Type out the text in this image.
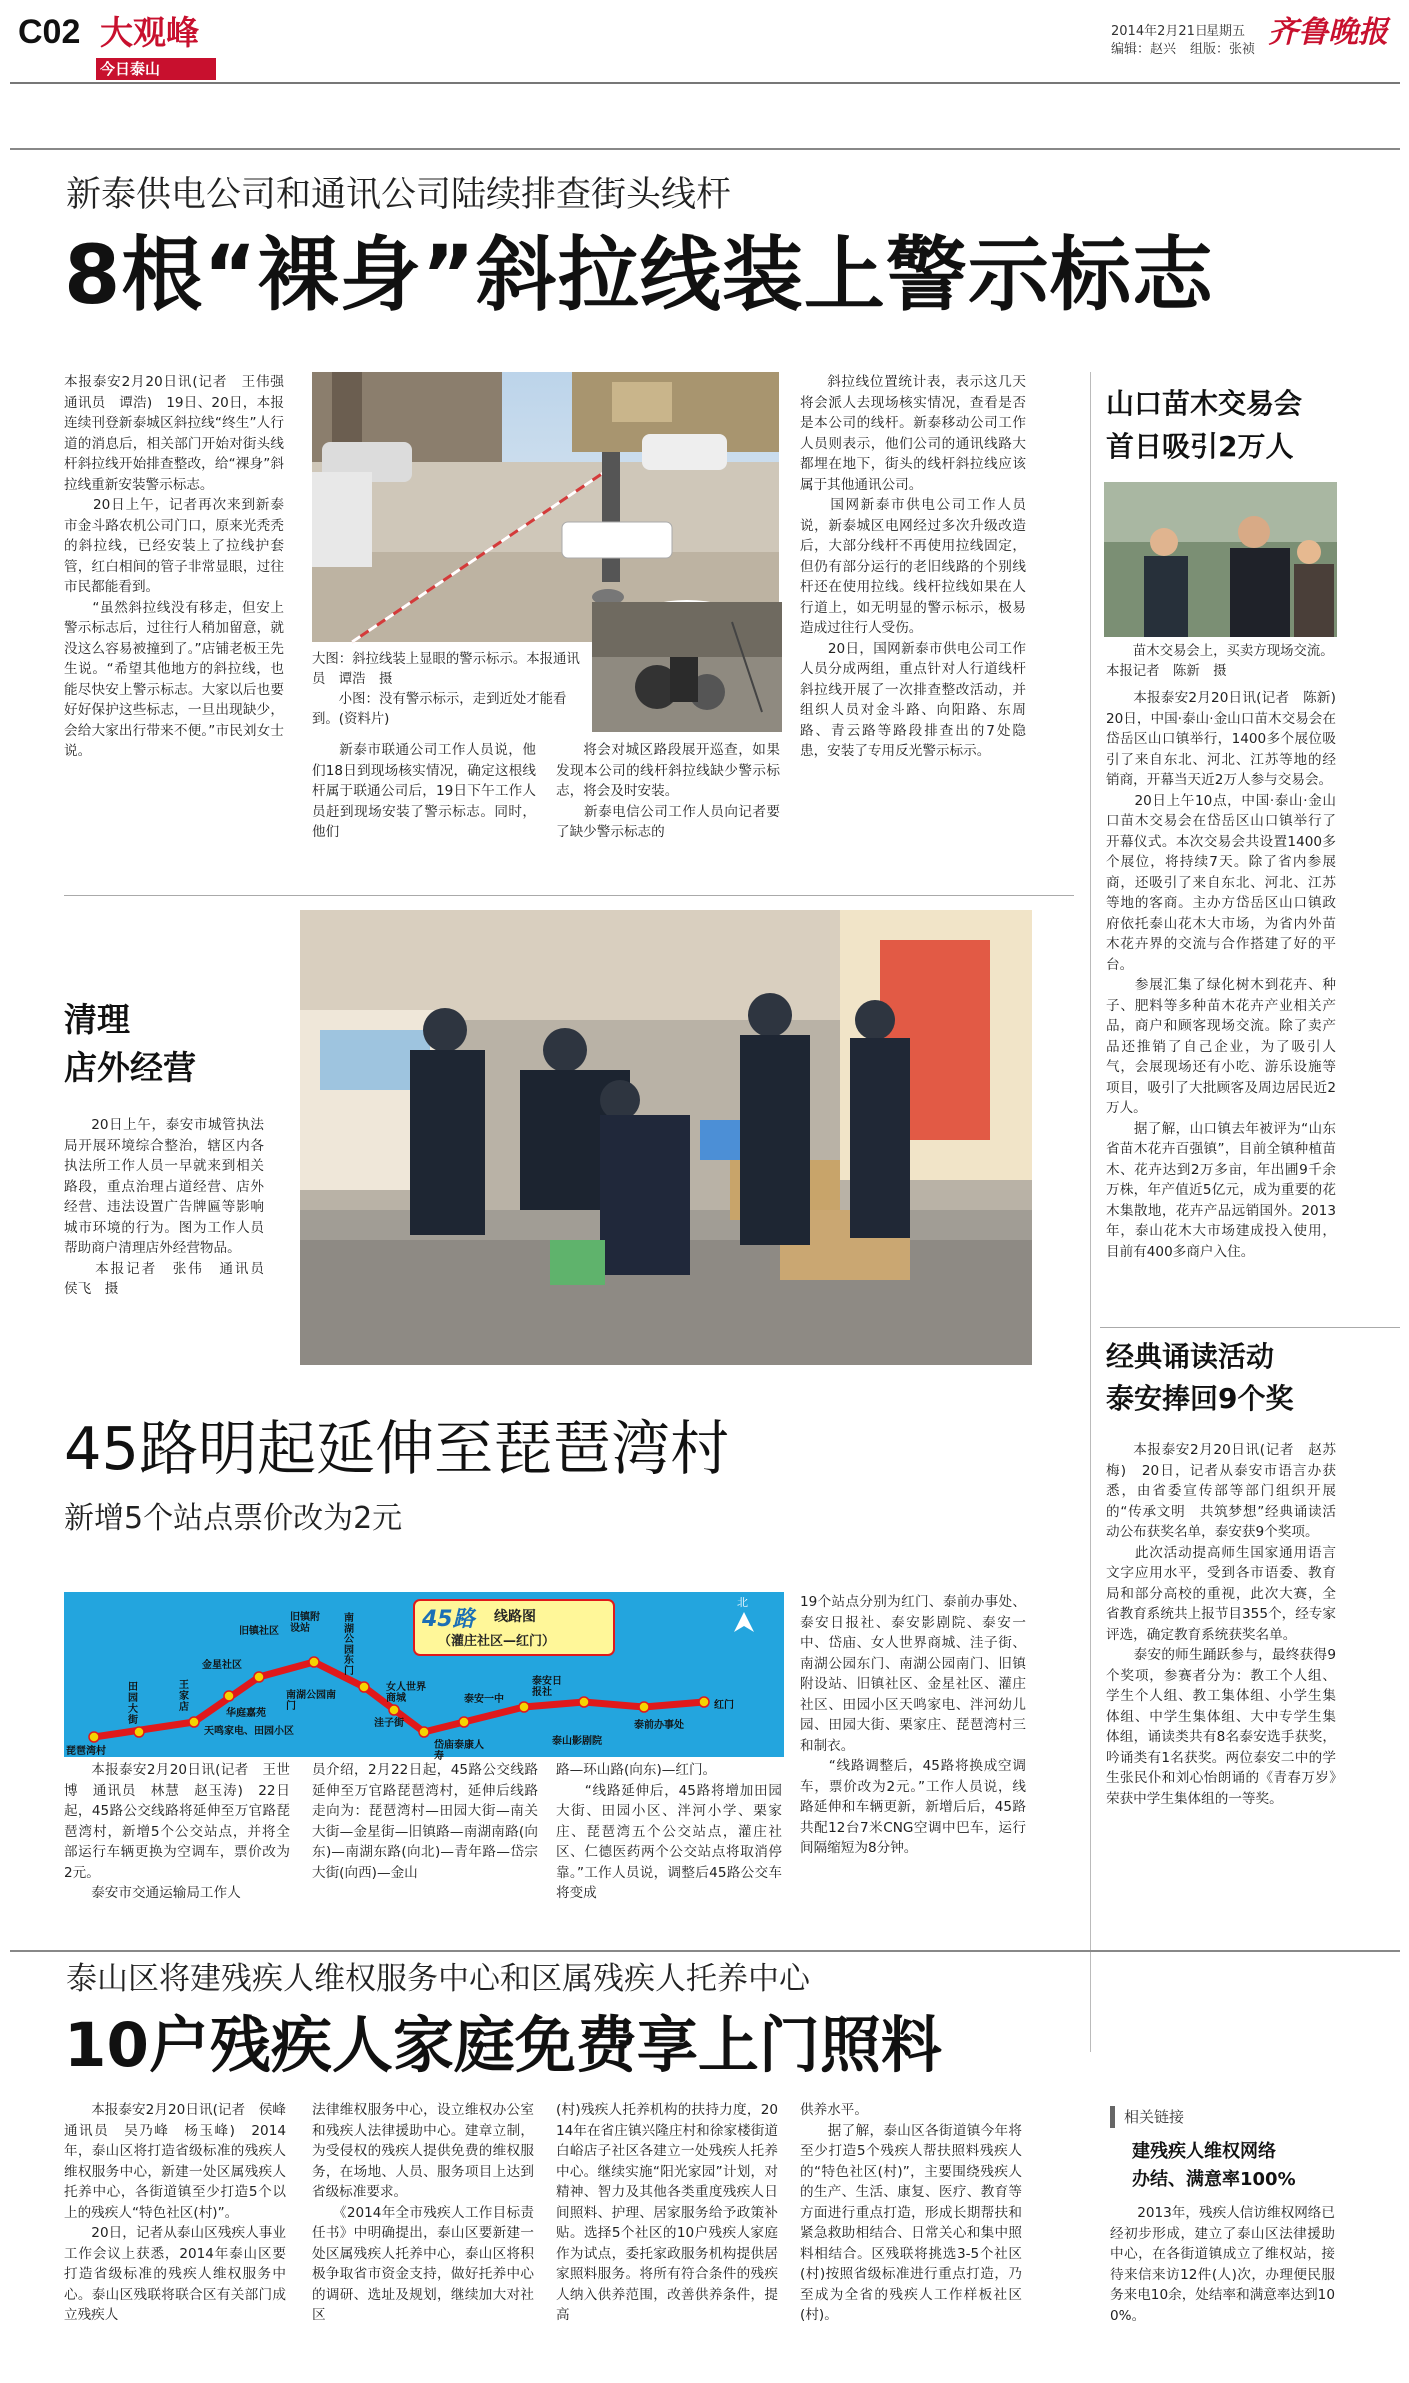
C02 大观峰
今日泰山
2014年2月21日
星期五
编辑：赵兴 组版：张祯 齐鲁晚报
新泰供电公司和通讯公司陆续排查街头线杆
8根“裸身”斜拉线装上警示标志
本报泰安2月20日讯(记者　王伟强　通讯员　谭浩)　19日、20日，本报连续刊登新泰城区斜拉线“终生”人行道的消息后，相关部门开始对街头线杆斜拉线开始排查整改，给“裸身”斜拉线重新安装警示标志。
　　20日上午，记者再次来到新泰市金斗路农机公司门口，原来光秃秃的斜拉线，已经安装上了拉线护套管，红白相间的管子非常显眼，过往市民都能看到。
　　“虽然斜拉线没有移走，但安上警示标志后，过往行人稍加留意，就没这么容易被撞到了。”店铺老板王先生说。“希望其他地方的斜拉线，也能尽快安上警示标志。大家以后也要好好保护这些标志，一旦出现缺少，会给大家出行带来不便。”市民刘女士说。
大图：斜拉线装上显眼的警示标示。本报通讯员　谭浩　摄
　　小图：没有警示标示，走到近处才能看到。(资料片)
新泰市联通公司工作人员说，他们18日到现场核实情况，确定这根线杆属于联通公司后，19日下午工作人员赶到现场安装了警示标志。同时，他们
将会对城区路段展开巡查，如果发现本公司的线杆斜拉线缺少警示标志，将会及时安装。
　　新泰电信公司工作人员向记者要了缺少警示标志的
斜拉线位置统计表，表示这几天将会派人去现场核实情况，查看是否是本公司的线杆。新泰移动公司工作人员则表示，他们公司的通讯线路大都埋在地下，街头的线杆斜拉线应该属于其他通讯公司。
　　国网新泰市供电公司工作人员说，新泰城区电网经过多次升级改造后，大部分线杆不再使用拉线固定，但仍有部分运行的老旧线路的个别线杆还在使用拉线。线杆拉线如果在人行道上，如无明显的警示标示，极易造成过往行人受伤。
　　20日，国网新泰市供电公司工作人员分成两组，重点针对人行道线杆斜拉线开展了一次排查整改活动，并组织人员对金斗路、向阳路、东周路、青云路等路段排查出的7处隐患，安装了专用反光警示标示。
山口苗木交易会
首日吸引2万人
苗木交易会上，买卖方现场交流。　本报记者　陈新　摄
本报泰安2月20日讯(记者　陈新)　20日，中国·泰山·金山口苗木交易会在岱岳区山口镇举行，1400多个展位吸引了来自东北、河北、江苏等地的经销商，开幕当天近2万人参与交易会。
　　20日上午10点，中国·泰山·金山口苗木交易会在岱岳区山口镇举行了开幕仪式。本次交易会共设置1400多个展位，将持续7天。除了省内参展商，还吸引了来自东北、河北、江苏等地的客商。主办方岱岳区山口镇政府依托泰山花木大市场，为省内外苗木花卉界的交流与合作搭建了好的平台。
　　参展汇集了绿化树木到花卉、种子、肥料等多种苗木花卉产业相关产品，商户和顾客现场交流。除了卖产品还推销了自己企业，为了吸引人气，会展现场还有小吃、游乐设施等项目，吸引了大批顾客及周边居民近2万人。
　　据了解，山口镇去年被评为“山东省苗木花卉百强镇”，目前全镇种植苗木、花卉达到2万多亩，年出圃9千余万株，年产值近5亿元，成为重要的花木集散地，花卉产品远销国外。2013年，泰山花木大市场建成投入使用，目前有400多商户入住。
清理
店外经营
20日上午，泰安市城管执法局开展环境综合整治，辖区内各执法所工作人员一早就来到相关路段，重点治理占道经营、店外经营、违法设置广告牌匾等影响城市环境的行为。图为工作人员帮助商户清理店外经营物品。
　　本报记者　张伟　通讯员　侯飞　摄
经典诵读活动
泰安捧回9个奖
本报泰安2月20日讯(记者　赵苏梅)　20日，记者从泰安市语言办获悉，由省委宣传部等部门组织开展的“传承文明　共筑梦想”经典诵读活动公布获奖名单，泰安获9个奖项。
　　此次活动提高师生国家通用语言文字应用水平，受到各市语委、教育局和部分高校的重视，此次大赛，全省教育系统共上报节目355个，经专家评选，确定教育系统获奖名单。
　　泰安的师生踊跃参与，最终获得9个奖项，参赛者分为：教工个人组、学生个人组、教工集体组、小学生集体组、中学生集体组、大中专学生集体组，诵读类共有8名泰安选手获奖，吟诵类有1名获奖。两位泰安二中的学生张民仆和刘心怡朗诵的《青春万岁》荣获中学生集体组的一等奖。
45路明起延伸至琵琶湾村
新增5个站点票价改为2元
45路 线路图
（灌庄社区—红门）
北
琵琶湾村
田园大街
王家店
金星社区
旧镇社区
旧镇附设站
南湖公园南门
南湖公园东门
洼子街
女人世界商城	泰安一中
泰安日报社
红门
华庭嘉苑
天鸣家电、田园小区
岱庙泰康人寿
泰山影剧院
泰前办事处
本报泰安2月20日讯(记者　王世博　通讯员　林慧　赵玉涛)　22日起，45路公交线路将延伸至万官路琵琶湾村，新增5个公交站点，并将全部运行车辆更换为空调车，票价改为2元。
　　泰安市交通运输局工作人
员介绍，2月22日起，45路公交线路延伸至万官路琵琶湾村，延伸后线路走向为：琵琶湾村—田园大街—南关大街—金星街—旧镇路—南湖南路(向东)—南湖东路(向北)—青年路—岱宗大街(向西)—金山
路—环山路(向东)—红门。
　　“线路延伸后，45路将增加田园大街、田园小区、泮河小学、栗家庄、琵琶湾五个公交站点，灌庄社区、仁德医药两个公交站点将取消停靠。”工作人员说，调整后45路公交车将变成
19个站点分别为红门、泰前办事处、泰安日报社、泰安影剧院、泰安一中、岱庙、女人世界商城、洼子街、南湖公园东门、南湖公园南门、旧镇附设站、旧镇社区、金星社区、灌庄社区、田园小区天鸣家电、泮河幼儿园、田园大街、栗家庄、琵琶湾村三和制衣。
　　“线路调整后，45路将换成空调车，票价改为2元。”工作人员说，线路延伸和车辆更新，新增后后，45路共配12台7米CNG空调中巴车，运行间隔缩短为8分钟。
泰山区将建残疾人维权服务中心和区属残疾人托养中心
10户残疾人家庭免费享上门照料
本报泰安2月20日讯(记者　侯峰　通讯员　吴乃峰　杨玉峰)　2014年，泰山区将打造省级标准的残疾人维权服务中心，新建一处区属残疾人托养中心，各街道镇至少打造5个以上的残疾人“特色社区(村)”。
　　20日，记者从泰山区残疾人事业工作会议上获悉，2014年泰山区要打造省级标准的残疾人维权服务中心。泰山区残联将联合区有关部门成立残疾人
法律维权服务中心，设立维权办公室和残疾人法律援助中心。建章立制，为受侵权的残疾人提供免费的维权服务，在场地、人员、服务项目上达到省级标准要求。
　　《2014年全市残疾人工作目标责任书》中明确提出，泰山区要新建一处区属残疾人托养中心，泰山区将积极争取省市资金支持，做好托养中心的调研、选址及规划，继续加大对社区
(村)残疾人托养机构的扶持力度，2014年在省庄镇兴隆庄村和徐家楼街道白峪店子社区各建立一处残疾人托养中心。继续实施“阳光家园”计划，对精神、智力及其他各类重度残疾人日间照料、护理、居家服务给予政策补贴。选择5个社区的10户残疾人家庭作为试点，委托家政服务机构提供居家照料服务。将所有符合条件的残疾人纳入供养范围，改善供养条件，提高
供养水平。
　　据了解，泰山区各街道镇今年将至少打造5个残疾人帮扶照料残疾人的“特色社区(村)”，主要围绕残疾人的生产、生活、康复、医疗、教育等方面进行重点打造，形成长期帮扶和紧急救助相结合、日常关心和集中照料相结合。区残联将挑选3-5个社区(村)按照省级标准进行重点打造，乃至成为全省的残疾人工作样板社区(村)。
相关链接
建残疾人维权网络
办结、满意率100%
2013年，残疾人信访维权网络已经初步形成，建立了泰山区法律援助中心，在各街道镇成立了维权站，接待来信来访12件(人)次，办理便民服务来电10余，处结率和满意率达到100%。
